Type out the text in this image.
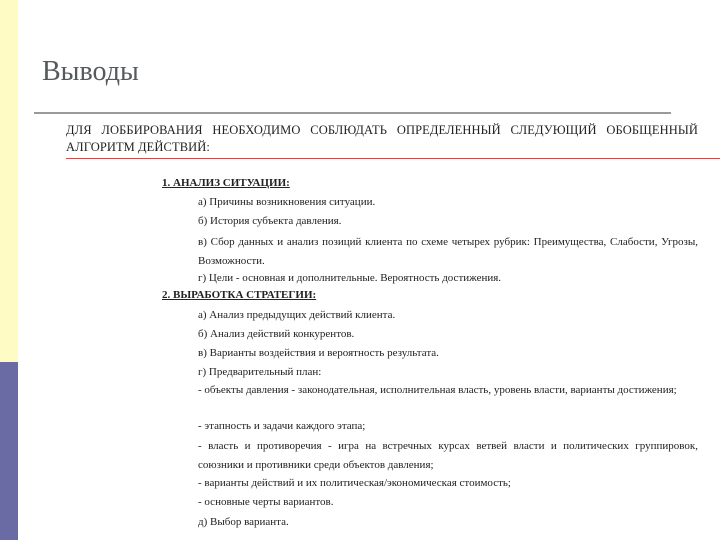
Выводы

ДЛЯ ЛОББИРОВАНИЯ НЕОБХОДИМО СОБЛЮДАТЬ ОПРЕДЕЛЕННЫЙ СЛЕДУЮЩИЙ ОБОБЩЕННЫЙ АЛГОРИТМ ДЕЙСТВИЙ:

1. АНАЛИЗ СИТУАЦИИ:

а) Причины возникновения ситуации.

б) История субъекта давления.

в) Сбор данных и анализ позиций клиента по схеме четырех рубрик: Преимущества, Слабости, Угрозы, Возможности.

г) Цели - основная и дополнительные. Вероятность достижения.

2. ВЫРАБОТКА СТРАТЕГИИ:

а) Анализ предыдущих действий клиента.

б) Анализ действий конкурентов.

в) Варианты воздействия и вероятность результата.

г) Предварительный план:

- объекты давления - законодательная, исполнительная власть, уровень власти, варианты достижения;

- этапность и задачи каждого этапа;

- власть и противоречия - игра на встречных курсах ветвей власти и политических группировок, союзники и противники среди объектов давления;

- варианты действий и их политическая/экономическая стоимость;

- основные черты вариантов.

д) Выбор варианта.
